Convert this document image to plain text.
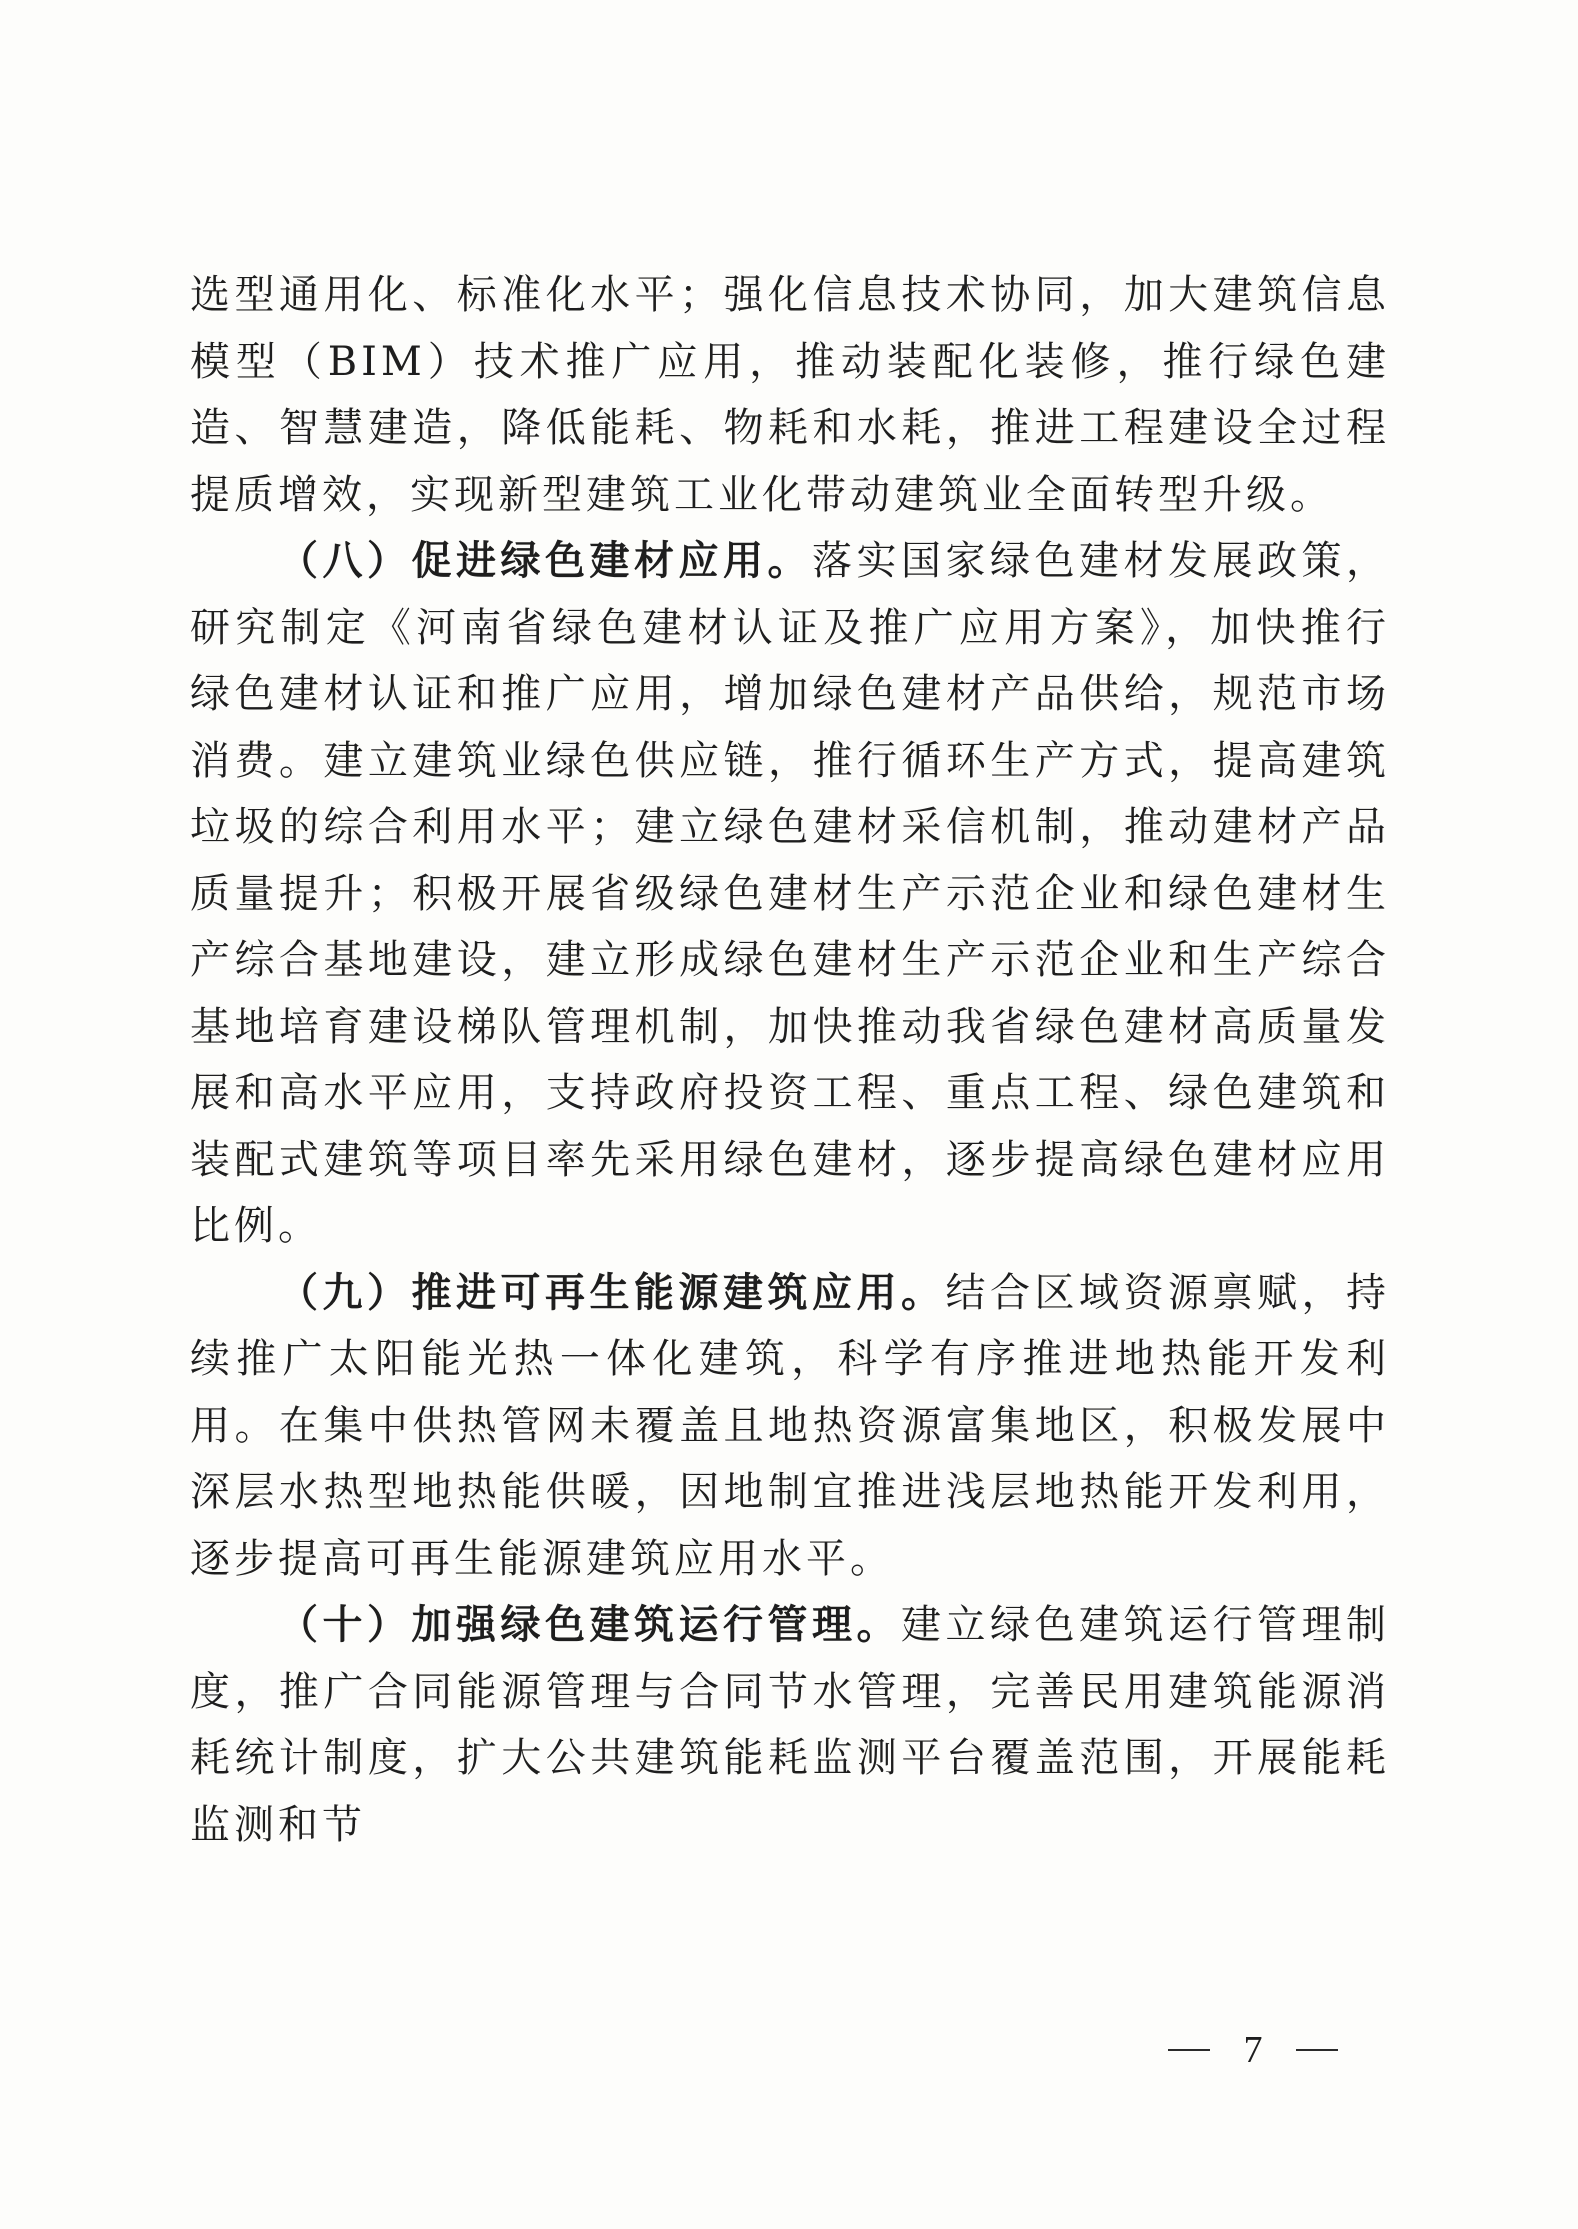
选型通用化、标准化水平；强化信息技术协同，加大建筑信息模型（BIM）技术推广应用，推动装配化装修，推行绿色建造、智慧建造，降低能耗、物耗和水耗，推进工程建设全过程提质增效，实现新型建筑工业化带动建筑业全面转型升级。

（八）促进绿色建材应用。落实国家绿色建材发展政策，研究制定《河南省绿色建材认证及推广应用方案》，加快推行绿色建材认证和推广应用，增加绿色建材产品供给，规范市场消费。建立建筑业绿色供应链，推行循环生产方式，提高建筑垃圾的综合利用水平；建立绿色建材采信机制，推动建材产品质量提升；积极开展省级绿色建材生产示范企业和绿色建材生产综合基地建设，建立形成绿色建材生产示范企业和生产综合基地培育建设梯队管理机制，加快推动我省绿色建材高质量发展和高水平应用，支持政府投资工程、重点工程、绿色建筑和装配式建筑等项目率先采用绿色建材，逐步提高绿色建材应用比例。

（九）推进可再生能源建筑应用。结合区域资源禀赋，持续推广太阳能光热一体化建筑，科学有序推进地热能开发利用。在集中供热管网未覆盖且地热资源富集地区，积极发展中深层水热型地热能供暖，因地制宜推进浅层地热能开发利用，逐步提高可再生能源建筑应用水平。

（十）加强绿色建筑运行管理。建立绿色建筑运行管理制度，推广合同能源管理与合同节水管理，完善民用建筑能源消耗统计制度，扩大公共建筑能耗监测平台覆盖范围，开展能耗监测和节

7
